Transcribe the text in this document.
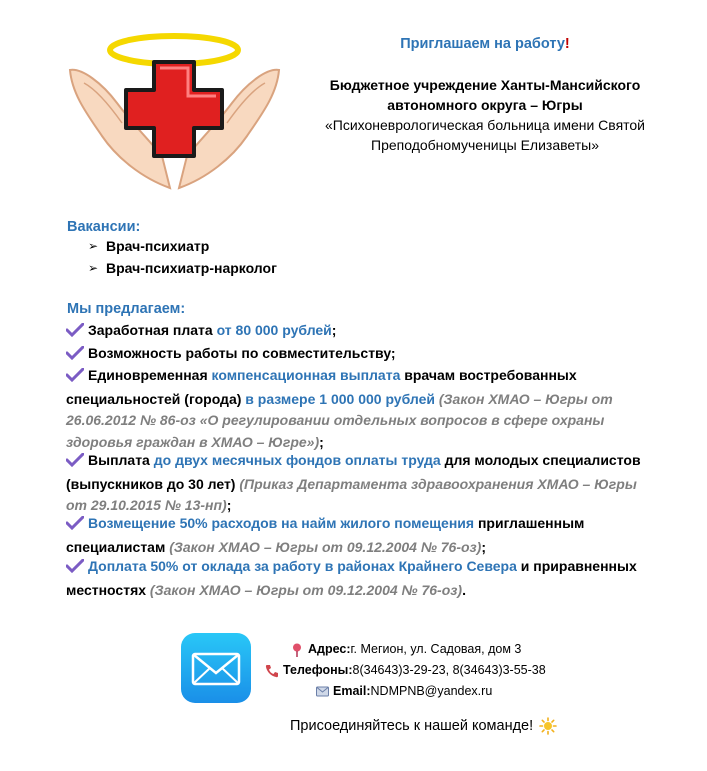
Приглашаем на работу!
Бюджетное учреждение Ханты-Мансийского
автономного округа – Югры
«Психоневрологическая больница имени Святой
Преподобномученицы Елизаветы»
Вакансии:
➢ Врач-психиатр
➢ Врач-психиатр-нарколог
Мы предлагаем:
Заработная плата от 80 000 рублей;
Возможность работы по совместительству;
Единовременная компенсационная выплата врачам востребованных
специальностей (города) в размере 1 000 000 рублей (Закон ХМАО – Югры от
26.06.2012 № 86-оз «О регулировании отдельных вопросов в сфере охраны
здоровья граждан в ХМАО – Югре»);
Выплата до двух месячных фондов оплаты труда для молодых специалистов
(выпускников до 30 лет) (Приказ Департамента здравоохранения ХМАО – Югры
от 29.10.2015 № 13-нп);
Возмещение 50% расходов на найм жилого помещения приглашенным
специалистам (Закон ХМАО – Югры от 09.12.2004 № 76-оз);
Доплата 50% от оклада за работу в районах Крайнего Севера и приравненных
местностях (Закон ХМАО – Югры от 09.12.2004 № 76-оз).
Адрес: г. Мегион, ул. Садовая, дом 3
Телефоны: 8(34643)3-29-23, 8(34643)3-55-38
Email: NDMPNB@yandex.ru
Присоединяйтесь к нашей команде!
